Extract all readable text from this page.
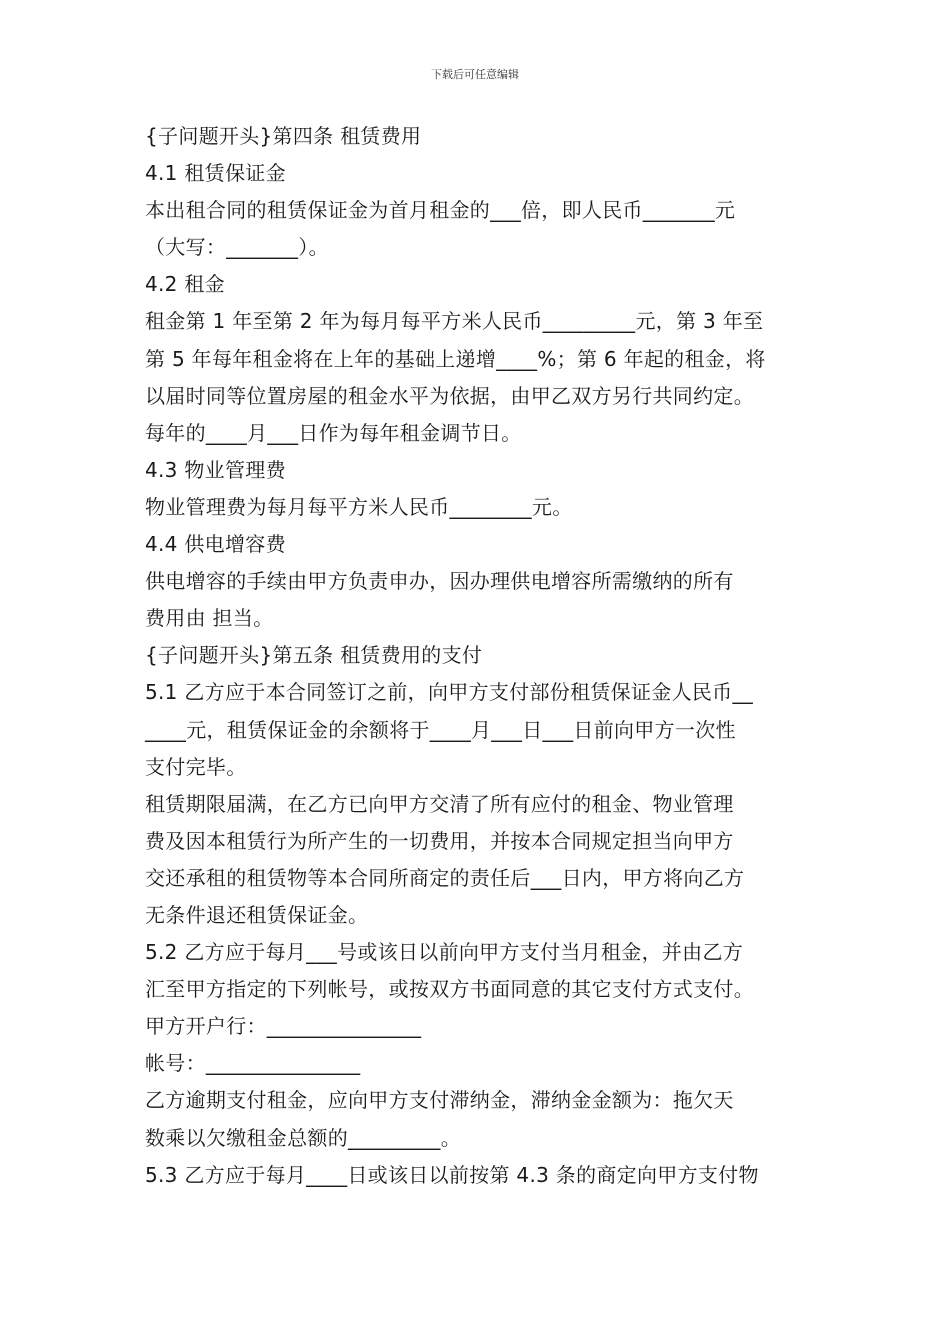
下载后可任意编辑
{子问题开头}第四条 租赁费用
4.1 租赁保证金
本出租合同的租赁保证金为首月租金的___倍，即人民币_______元
（大写：_______）。
4.2 租金
租金第 1 年至第 2 年为每月每平方米人民币_________元，第 3 年至
第 5 年每年租金将在上年的基础上递增____%；第 6 年起的租金，将
以届时同等位置房屋的租金水平为依据，由甲乙双方另行共同约定。
每年的____月___日作为每年租金调节日。
4.3 物业管理费
物业管理费为每月每平方米人民币________元。
4.4 供电增容费
供电增容的手续由甲方负责申办，因办理供电增容所需缴纳的所有
费用由 担当。
{子问题开头}第五条 租赁费用的支付
5.1 乙方应于本合同签订之前，向甲方支付部份租赁保证金人民币__
____元，租赁保证金的余额将于____月___日___日前向甲方一次性
支付完毕。
租赁期限届满，在乙方已向甲方交清了所有应付的租金、物业管理
费及因本租赁行为所产生的一切费用，并按本合同规定担当向甲方
交还承租的租赁物等本合同所商定的责任后___日内，甲方将向乙方
无条件退还租赁保证金。
5.2 乙方应于每月___号或该日以前向甲方支付当月租金，并由乙方
汇至甲方指定的下列帐号，或按双方书面同意的其它支付方式支付。
甲方开户行：_______________
帐号：_______________
乙方逾期支付租金，应向甲方支付滞纳金，滞纳金金额为：拖欠天
数乘以欠缴租金总额的_________。
5.3 乙方应于每月____日或该日以前按第 4.3 条的商定向甲方支付物
